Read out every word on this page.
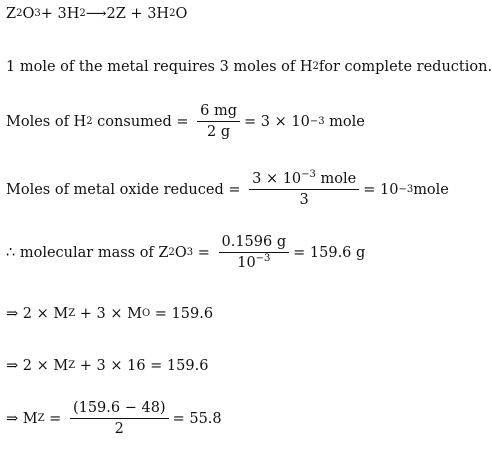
Z 2 O 3 + 3H 2 ⟶ 2Z + 3H 2 O
1 mole of the metal requires 3 moles of H 2 for complete reduction.
Moles of H 2 consumed = $\frac{6 mg}{2 g} = 3 \times 10 -3$ mole
Moles of metal oxide reduced = $\frac{3 \times 10^{-3} mole}{3} = 10 -3$ mole
∴ molecular mass of Z 2 O $3 = \frac{0.1596 g}{10^{-3}} = 159.6$ g
⇒ 2 × M Z + 3 × M O = 159.6
⇒ 2 × M Z + 3 × 16 = 159.6
⇒ M $Z = \frac{(159.6 - 48)}{2} = 55.8$
